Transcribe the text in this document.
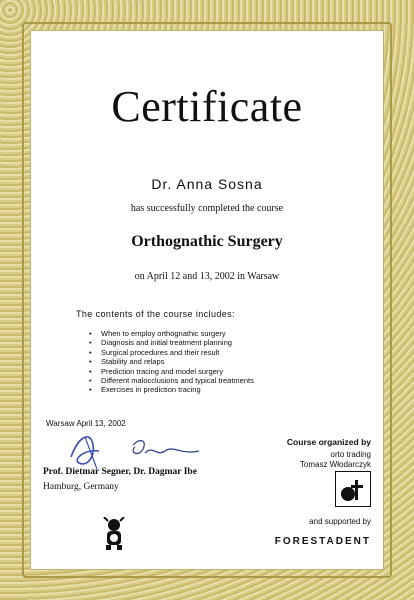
Certificate
Dr. Anna Sosna
has successfully completed the course
Orthognathic Surgery
on April 12 and 13, 2002 in Warsaw
The contents of the course includes:
• When to employ orthognathic surgery
• Diagnosis and initial treatment planning
• Surgical procedures and their result
• Stability and relaps
• Prediction tracing and model surgery
• Different malocclusions and typical treatments
• Exercises in prediction tracing
Warsaw April 13, 2002
Prof. Dietmar Segner, Dr. Dagmar Ibe
Hamburg, Germany
Course organized by
orto trading
Tomasz Włodarczyk
and supported by
FORESTADENT
